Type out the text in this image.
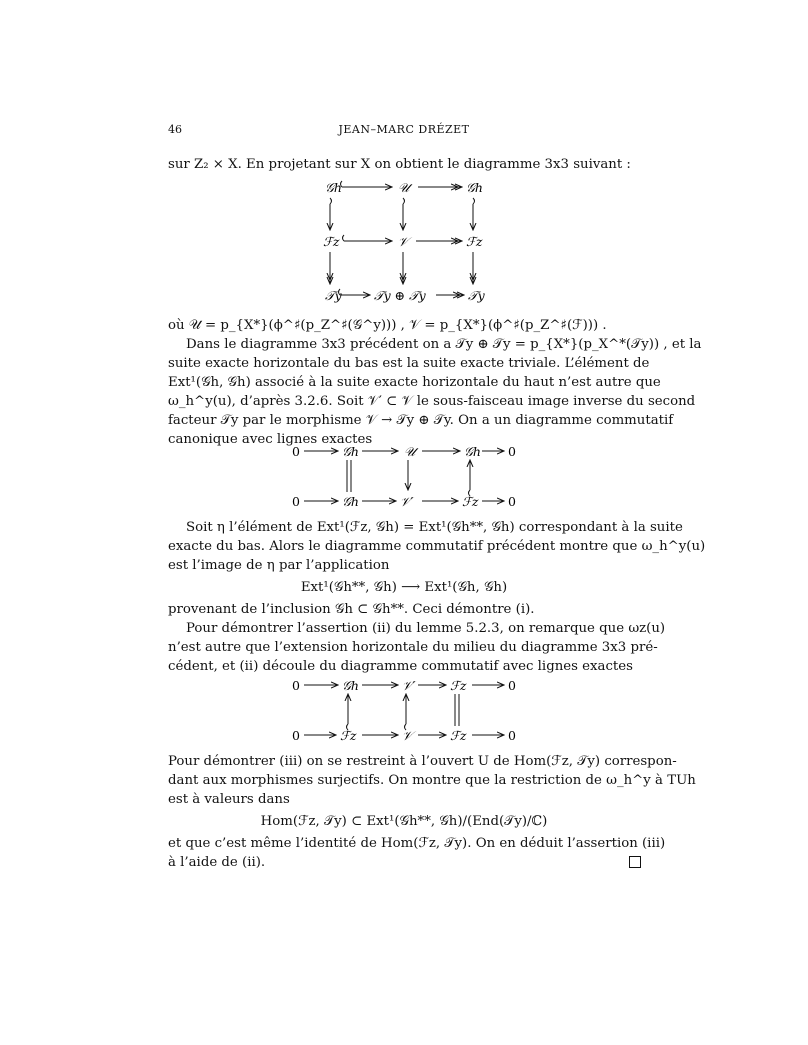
46	JEAN–MARC DRÉZET
sur Z₂ × X. En projetant sur X on obtient le diagramme 3x3 suivant :
𝒢h	𝒰	𝒢h
ℱz	𝒱	ℱz
𝒯y	𝒯y ⊕ 𝒯y	𝒯y
où 𝒰 = p_{X*}(ϕ^♯(p_Z^♯(𝒢^y))) , 𝒱 = p_{X*}(ϕ^♯(p_Z^♯(ℱ))) .
Dans le diagramme 3x3 précédent on a 𝒯y ⊕ 𝒯y = p_{X*}(p_X^*(𝒯y)) , et la
suite exacte horizontale du bas est la suite exacte triviale. L’élément de
Ext¹(𝒢h, 𝒢h) associé à la suite exacte horizontale du haut n’est autre que
ω_h^y(u), d’après 3.2.6. Soit 𝒱′ ⊂ 𝒱 le sous-faisceau image inverse du second
facteur 𝒯y par le morphisme 𝒱 → 𝒯y ⊕ 𝒯y. On a un diagramme commutatif
canonique avec lignes exactes
0	𝒢h	𝒰	𝒢h 0
0	𝒢h	𝒱′	ℱz 0
Soit η l’élément de Ext¹(ℱz, 𝒢h) = Ext¹(𝒢h**, 𝒢h) correspondant à la suite
exacte du bas. Alors le diagramme commutatif précédent montre que ω_h^y(u)
est l’image de η par l’application
Ext¹(𝒢h**, 𝒢h) ⟶ Ext¹(𝒢h, 𝒢h)
provenant de l’inclusion 𝒢h ⊂ 𝒢h**. Ceci démontre (i).
Pour démontrer l’assertion (ii) du lemme 5.2.3, on remarque que ωz(u)
n’est autre que l’extension horizontale du milieu du diagramme 3x3 pré-
cédent, et (ii) découle du diagramme commutatif avec lignes exactes
0	𝒢h	𝒱′	ℱz	0
0	ℱz	𝒱	ℱz	0
Pour démontrer (iii) on se restreint à l’ouvert U de Hom(ℱz, 𝒯y) correspon-
dant aux morphismes surjectifs. On montre que la restriction de ω_h^y à TUh
est à valeurs dans
Hom(ℱz, 𝒯y) ⊂ Ext¹(𝒢h**, 𝒢h)/(End(𝒯y)/ℂ)
et que c’est même l’identité de Hom(ℱz, 𝒯y). On en déduit l’assertion (iii)
à l’aide de (ii).
